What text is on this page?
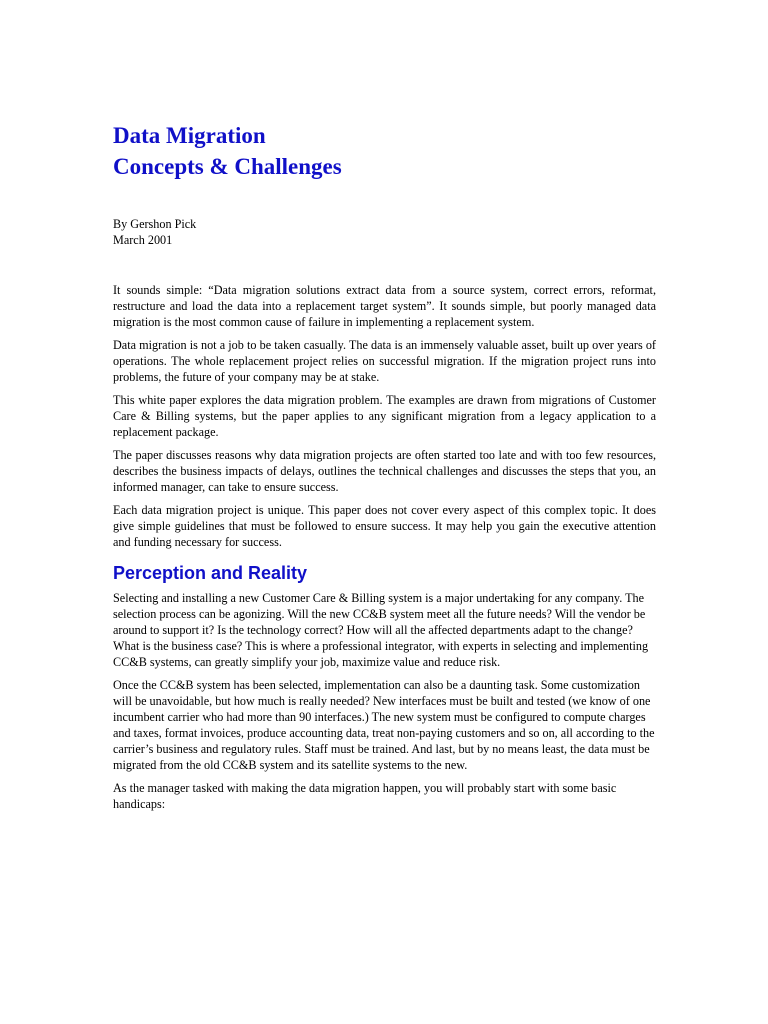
Data Migration
Concepts & Challenges
By Gershon Pick
March 2001

It sounds simple: “Data migration solutions extract data from a source system, correct errors, reformat, restructure and load the data into a replacement target system”. It sounds simple, but poorly managed data migration is the most common cause of failure in implementing a replacement system.

Data migration is not a job to be taken casually. The data is an immensely valuable asset, built up over years of operations. The whole replacement project relies on successful migration. If the migration project runs into problems, the future of your company may be at stake.

This white paper explores the data migration problem. The examples are drawn from migrations of Customer Care & Billing systems, but the paper applies to any significant migration from a legacy application to a replacement package.

The paper discusses reasons why data migration projects are often started too late and with too few resources, describes the business impacts of delays, outlines the technical challenges and discusses the steps that you, an informed manager, can take to ensure success.

Each data migration project is unique. This paper does not cover every aspect of this complex topic. It does give simple guidelines that must be followed to ensure success. It may help you gain the executive attention and funding necessary for success.

Perception and Reality

Selecting and installing a new Customer Care & Billing system is a major undertaking for any company. The selection process can be agonizing. Will the new CC&B system meet all the future needs? Will the vendor be around to support it? Is the technology correct? How will all the affected departments adapt to the change? What is the business case? This is where a professional integrator, with experts in selecting and implementing CC&B systems, can greatly simplify your job, maximize value and reduce risk.

Once the CC&B system has been selected, implementation can also be a daunting task. Some customization will be unavoidable, but how much is really needed? New interfaces must be built and tested (we know of one incumbent carrier who had more than 90 interfaces.) The new system must be configured to compute charges and taxes, format invoices, produce accounting data, treat non-paying customers and so on, all according to the carrier’s business and regulatory rules. Staff must be trained. And last, but by no means least, the data must be migrated from the old CC&B system and its satellite systems to the new.

As the manager tasked with making the data migration happen, you will probably start with some basic handicaps:
